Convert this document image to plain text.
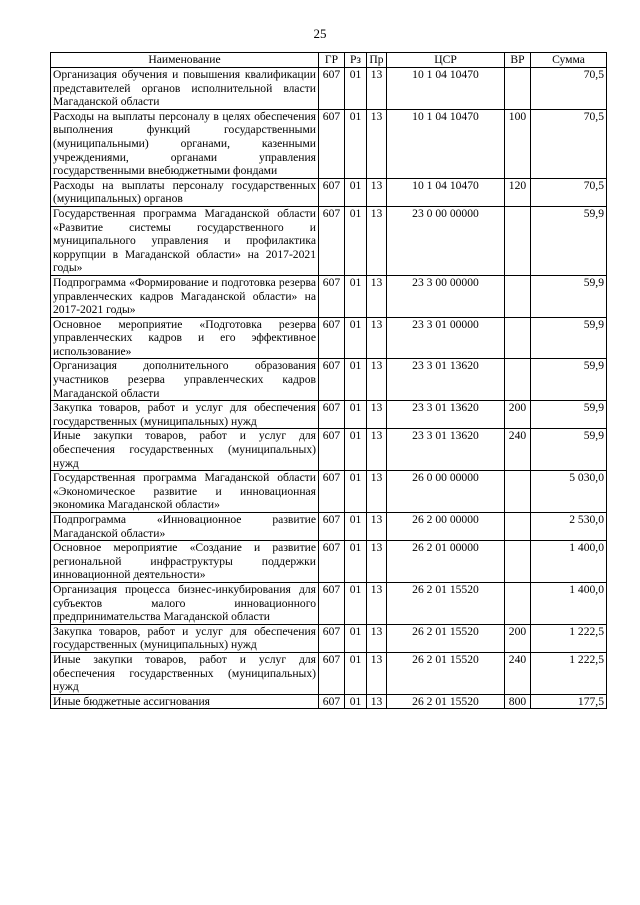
25
Наименование	ГР	Рз	Пр	ЦСР	ВР	Сумма
Организация обучения и повышения квалификации представителей органов исполнительной власти Магаданской области	607	01	13	10 1 04 10470		70,5
Расходы на выплаты персоналу в целях обеспечения выполнения функций государственными (муниципальными) органами, казенными учреждениями, органами управления государственными внебюджетными фондами	607	01	13	10 1 04 10470	100	70,5
Расходы на выплаты персоналу государственных (муниципальных) органов	607	01	13	10 1 04 10470	120	70,5
Государственная программа Магаданской области «Развитие системы государственного и муниципального управления и профилактика коррупции в Магаданской области» на 2017-2021 годы»	607	01	13	23 0 00 00000		59,9
Подпрограмма «Формирование и подготовка резерва управленческих кадров Магаданской области» на 2017-2021 годы»	607	01	13	23 3 00 00000		59,9
Основное мероприятие «Подготовка резерва управленческих кадров и его эффективное использование»	607	01	13	23 3 01 00000		59,9
Организация дополнительного образования участников резерва управленческих кадров Магаданской области	607	01	13	23 3 01 13620		59,9
Закупка товаров, работ и услуг для обеспечения государственных (муниципальных) нужд	607	01	13	23 3 01 13620	200	59,9
Иные закупки товаров, работ и услуг для обеспечения государственных (муниципальных) нужд	607	01	13	23 3 01 13620	240	59,9
Государственная программа Магаданской области «Экономическое развитие и инновационная экономика Магаданской области»	607	01	13	26 0 00 00000		5 030,0
Подпрограмма «Инновационное развитие Магаданской области»	607	01	13	26 2 00 00000		2 530,0
Основное мероприятие «Создание и развитие региональной инфраструктуры поддержки инновационной деятельности»	607	01	13	26 2 01 00000		1 400,0
Организация процесса бизнес-инкубирования для субъектов малого инновационного предпринимательства Магаданской области	607	01	13	26 2 01 15520		1 400,0
Закупка товаров, работ и услуг для обеспечения государственных (муниципальных) нужд	607	01	13	26 2 01 15520	200	1 222,5
Иные закупки товаров, работ и услуг для обеспечения государственных (муниципальных) нужд	607	01	13	26 2 01 15520	240	1 222,5
Иные бюджетные ассигнования	607	01	13	26 2 01 15520	800	177,5
